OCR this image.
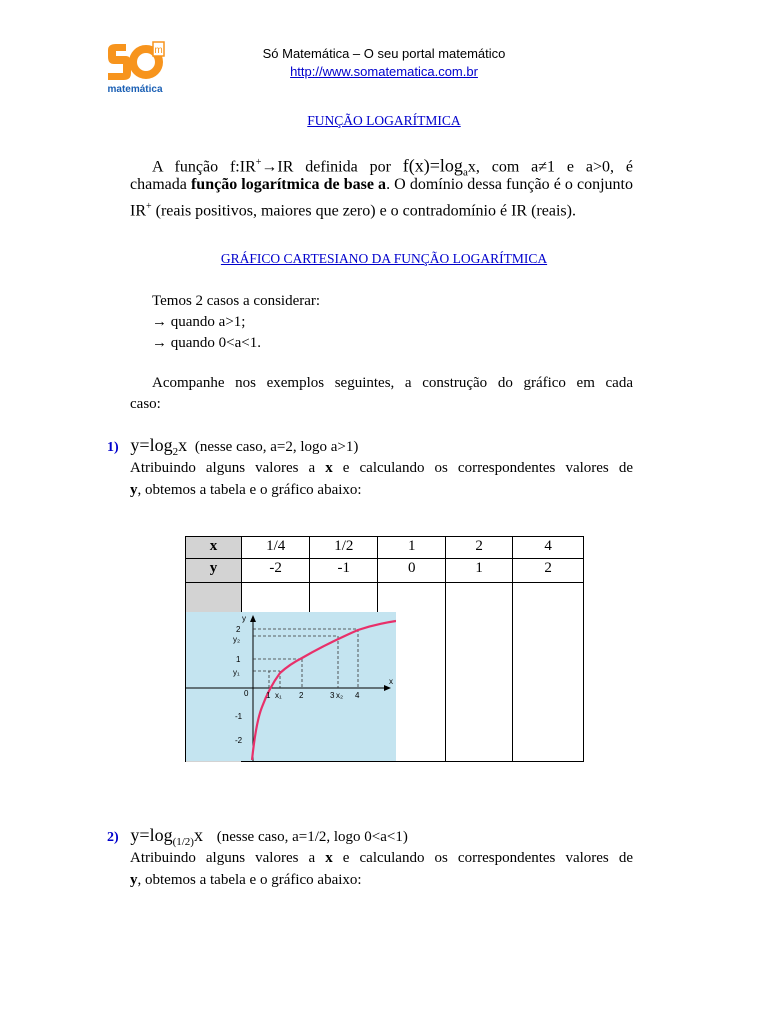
m
matemática
Só Matemática – O seu portal matemático
http://www.somatematica.com.br
FUNÇÃO LOGARÍTMICA
A função f:IR+→IR definida por $f(x)=\log_ax$, com a≠1 e a>0, é
chamada função logarítmica de base a. O domínio dessa função é o conjunto
IR+ (reais positivos, maiores que zero) e o contradomínio é IR (reais).
GRÁFICO CARTESIANO DA FUNÇÃO LOGARÍTMICA
Temos 2 casos a considerar:
→ quando a>1;
→ quando 0<a<1.
Acompanhe nos exemplos seguintes, a construção do gráfico em cada
caso:
1) $y=\log_2x$ (nesse caso, a=2, logo a>1)
Atribuindo alguns valores a x e calculando os correspondentes valores de
y, obtemos a tabela e o gráfico abaixo:
x	1/4	1/2	1	2	4
y	-2	-1	0	1	2

y
x
2
y₂
1
y₁
0
-1
-2
1 x₁ 2	3 x₂ 4
2) $y=\log_{(1/2)}x$ (nesse caso, a=1/2, logo 0<a<1)
Atribuindo alguns valores a x e calculando os correspondentes valores de
y, obtemos a tabela e o gráfico abaixo:
